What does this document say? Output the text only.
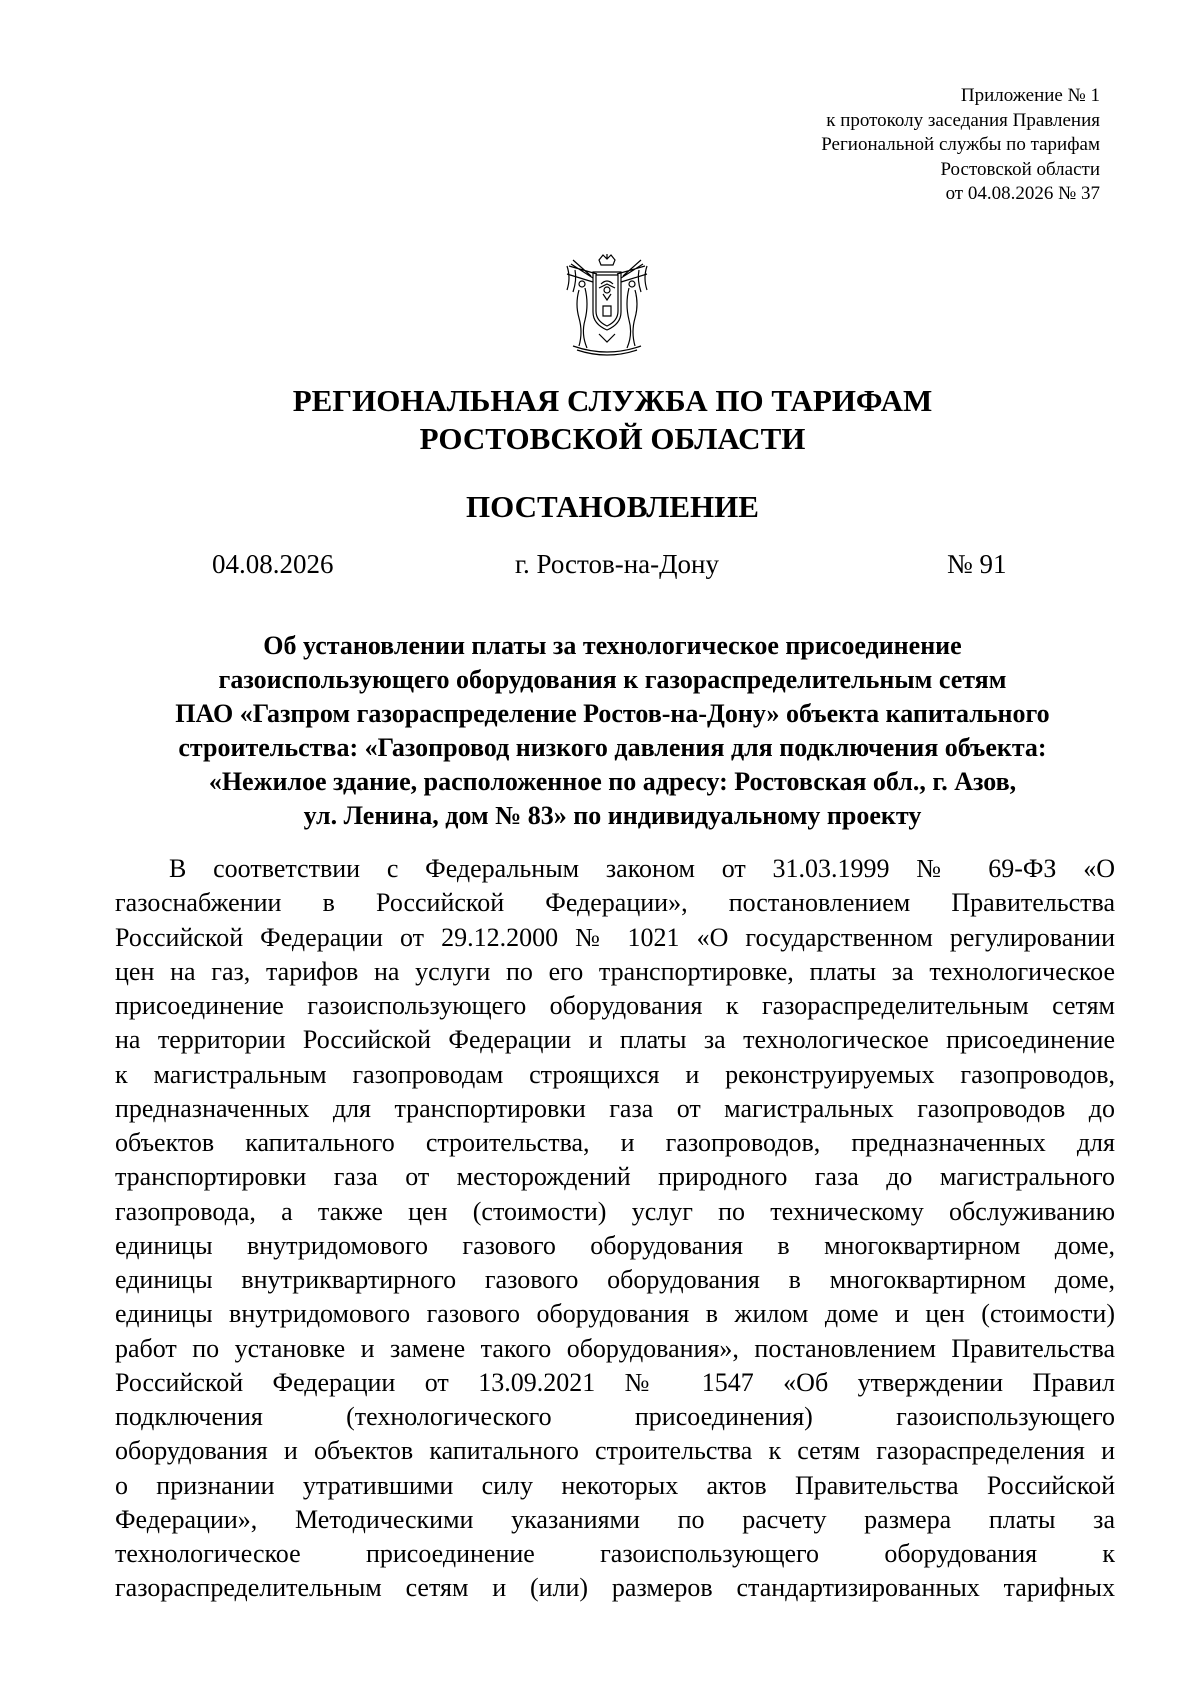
Приложение № 1
к протоколу заседания Правления
Региональной службы по тарифам
Ростовской области
от 04.08.2026 № 37
РЕГИОНАЛЬНАЯ СЛУЖБА ПО ТАРИФАМ
РОСТОВСКОЙ ОБЛАСТИ
ПОСТАНОВЛЕНИЕ
04.08.2026	г. Ростов-на-Дону	№ 91
Об установлении платы за технологическое присоединение
газоиспользующего оборудования к газораспределительным сетям
ПАО «Газпром газораспределение Ростов-на-Дону» объекта капитального
строительства: «Газопровод низкого давления для подключения объекта:
«Нежилое здание, расположенное по адресу: Ростовская обл., г. Азов,
ул. Ленина, дом № 83» по индивидуальному проекту
В соответствии с Федеральным законом от 31.03.1999 № 69-ФЗ «О
газоснабжении в Российской Федерации», постановлением Правительства
Российской Федерации от 29.12.2000 № 1021 «О государственном регулировании
цен на газ, тарифов на услуги по его транспортировке, платы за технологическое
присоединение газоиспользующего оборудования к газораспределительным сетям
на территории Российской Федерации и платы за технологическое присоединение
к магистральным газопроводам строящихся и реконструируемых газопроводов,
предназначенных для транспортировки газа от магистральных газопроводов до
объектов капитального строительства, и газопроводов, предназначенных для
транспортировки газа от месторождений природного газа до магистрального
газопровода, а также цен (стоимости) услуг по техническому обслуживанию
единицы внутридомового газового оборудования в многоквартирном доме,
единицы внутриквартирного газового оборудования в многоквартирном доме,
единицы внутридомового газового оборудования в жилом доме и цен (стоимости)
работ по установке и замене такого оборудования», постановлением Правительства
Российской Федерации от 13.09.2021 № 1547 «Об утверждении Правил
подключения (технологического присоединения) газоиспользующего
оборудования и объектов капитального строительства к сетям газораспределения и
о признании утратившими силу некоторых актов Правительства Российской
Федерации», Методическими указаниями по расчету размера платы за
технологическое присоединение газоиспользующего оборудования к
газораспределительным сетям и (или) размеров стандартизированных тарифных
